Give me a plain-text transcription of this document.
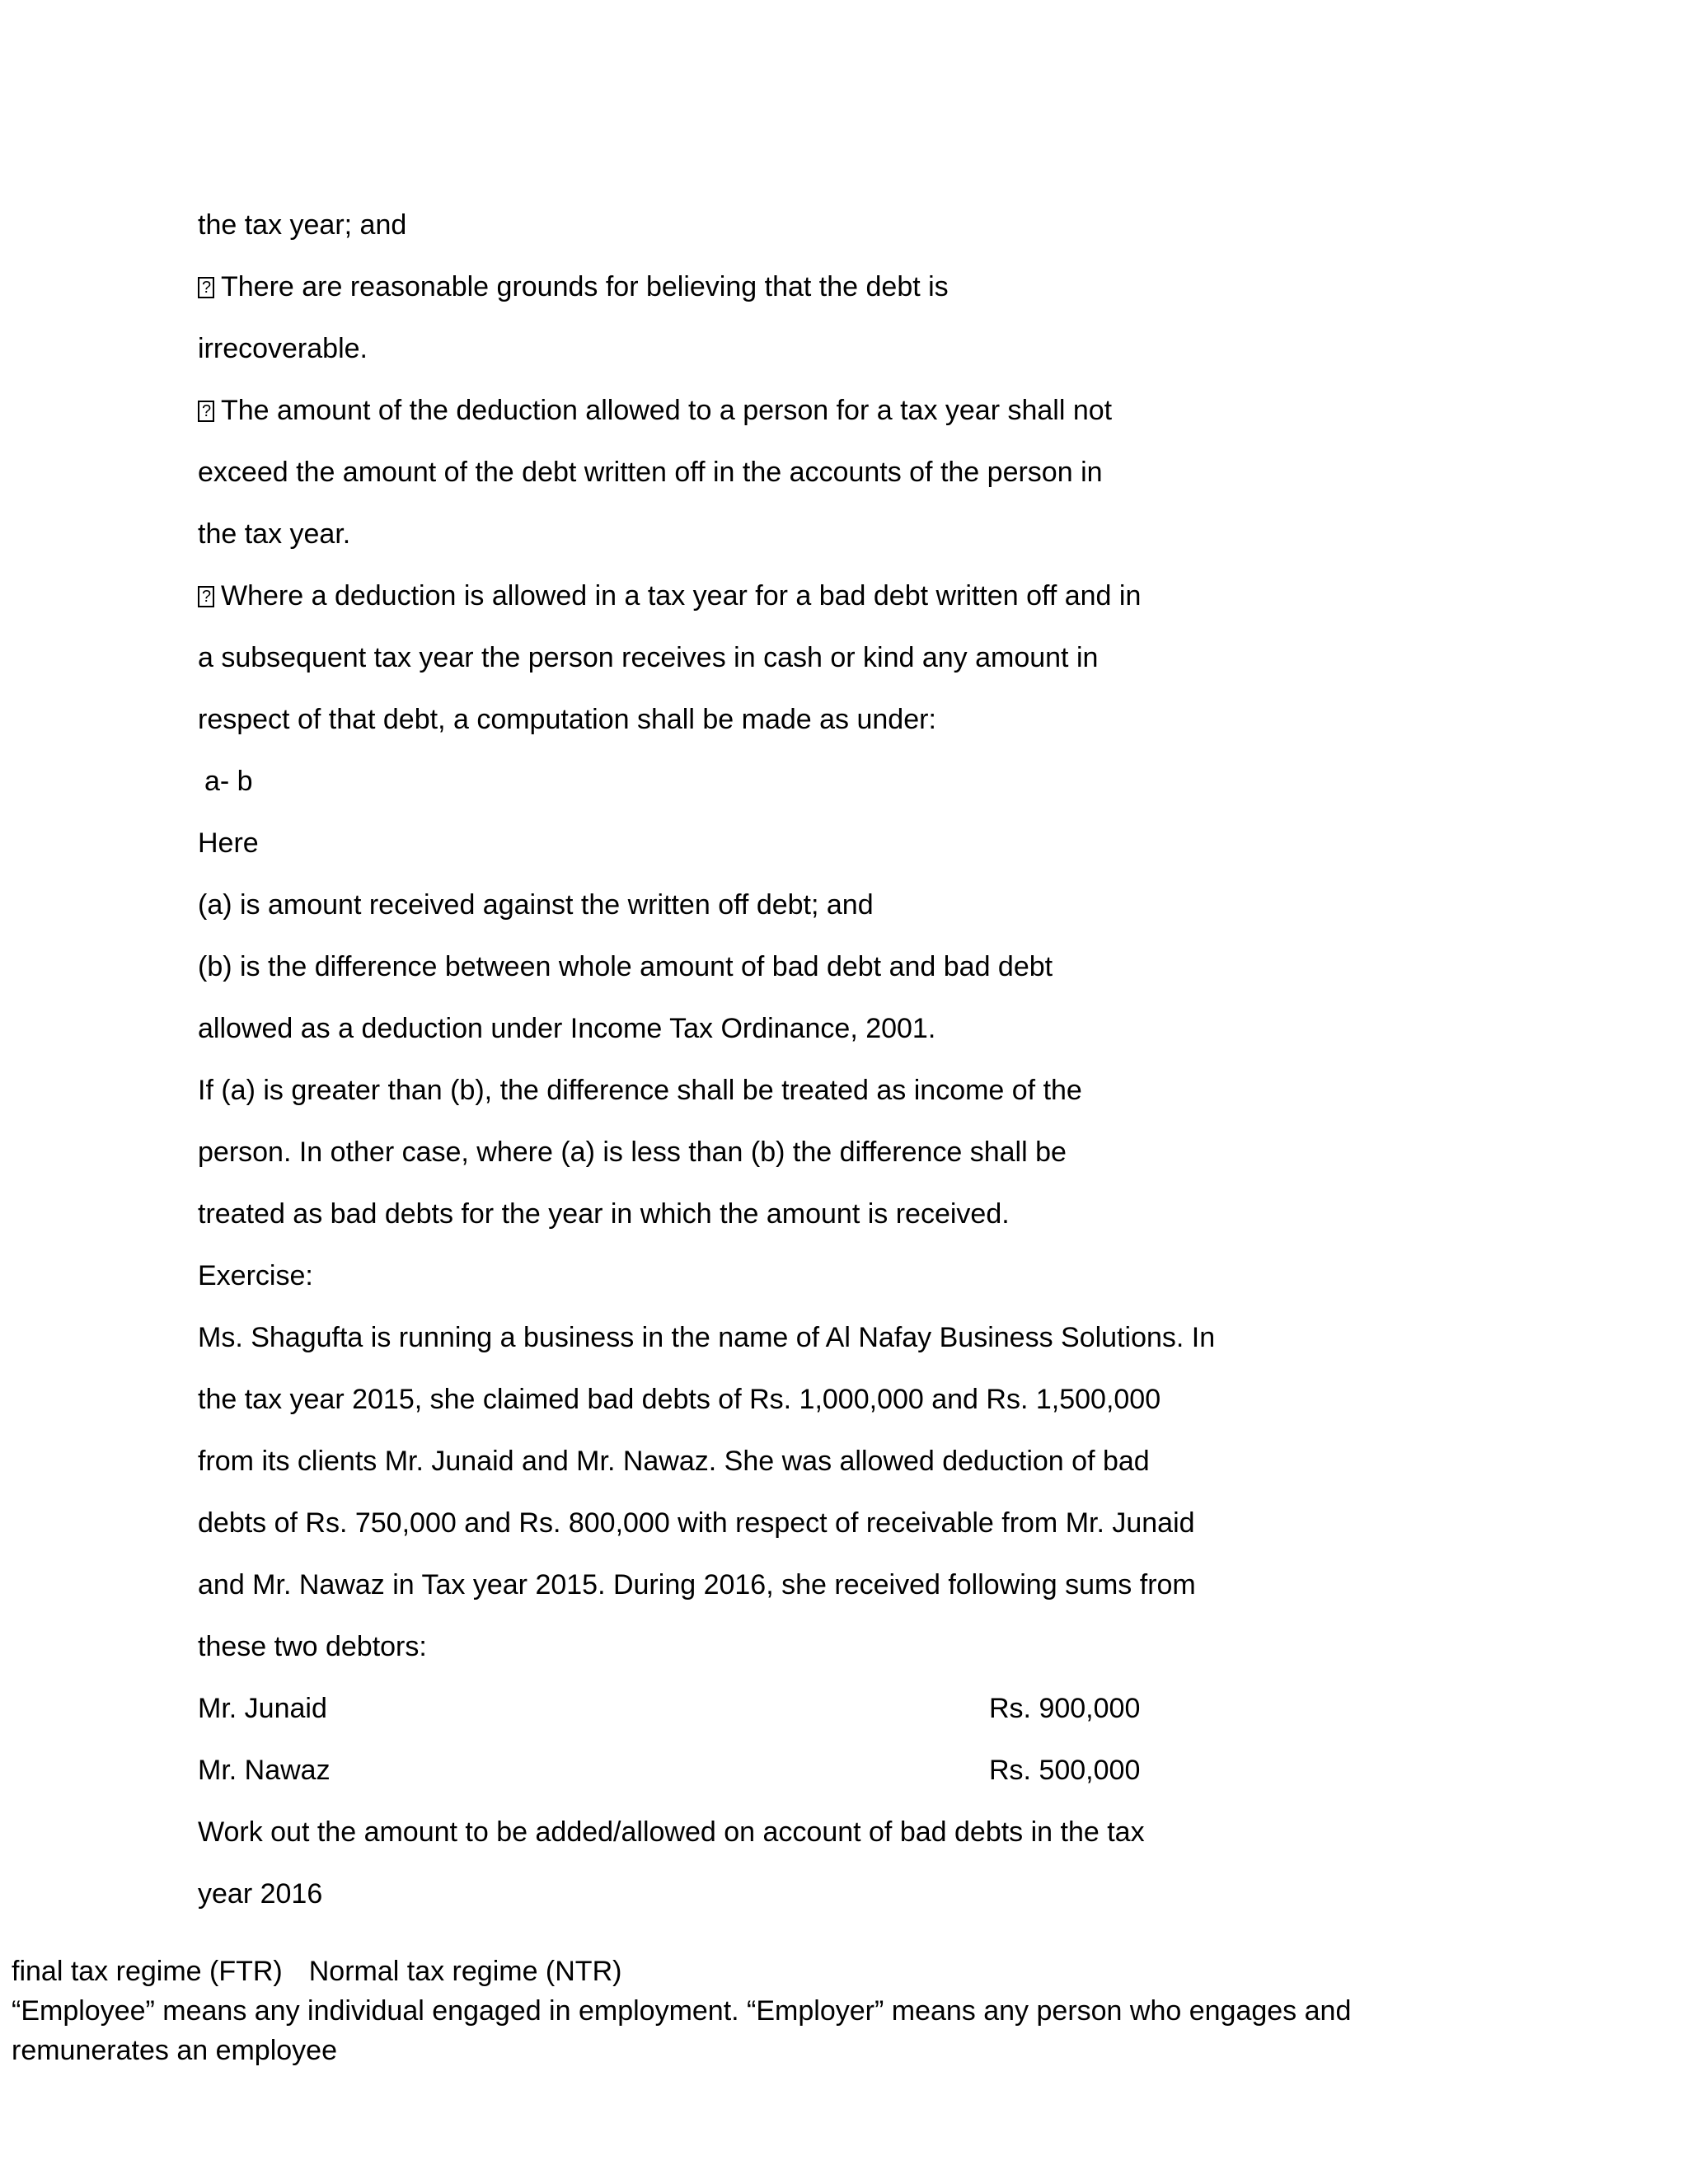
the tax year; and
?There are reasonable grounds for believing that the debt is
irrecoverable.
?The amount of the deduction allowed to a person for a tax year shall not
exceed the amount of the debt written off in the accounts of the person in
the tax year.
?Where a deduction is allowed in a tax year for a bad debt written off and in
a subsequent tax year the person receives in cash or kind any amount in
respect of that debt, a computation shall be made as under:
a- b
Here
(a) is amount received against the written off debt; and
(b) is the difference between whole amount of bad debt and bad debt
allowed as a deduction under Income Tax Ordinance, 2001.
If (a) is greater than (b), the difference shall be treated as income of the
person. In other case, where (a) is less than (b) the difference shall be
treated as bad debts for the year in which the amount is received.
Exercise:
Ms. Shagufta is running a business in the name of Al Nafay Business Solutions. In
the tax year 2015, she claimed bad debts of Rs. 1,000,000 and Rs. 1,500,000
from its clients Mr. Junaid and Mr. Nawaz. She was allowed deduction of bad
debts of Rs. 750,000 and Rs. 800,000 with respect of receivable from Mr. Junaid
and Mr. Nawaz in Tax year 2015. During 2016, she received following sums from
these two debtors:
Mr. Junaid	Rs. 900,000
Mr. Nawaz	Rs. 500,000
Work out the amount to be added/allowed on account of bad debts in the tax
year 2016
final tax regime (FTR) Normal tax regime (NTR)
“Employee” means any individual engaged in employment. “Employer” means any person who engages and
remunerates an employee
